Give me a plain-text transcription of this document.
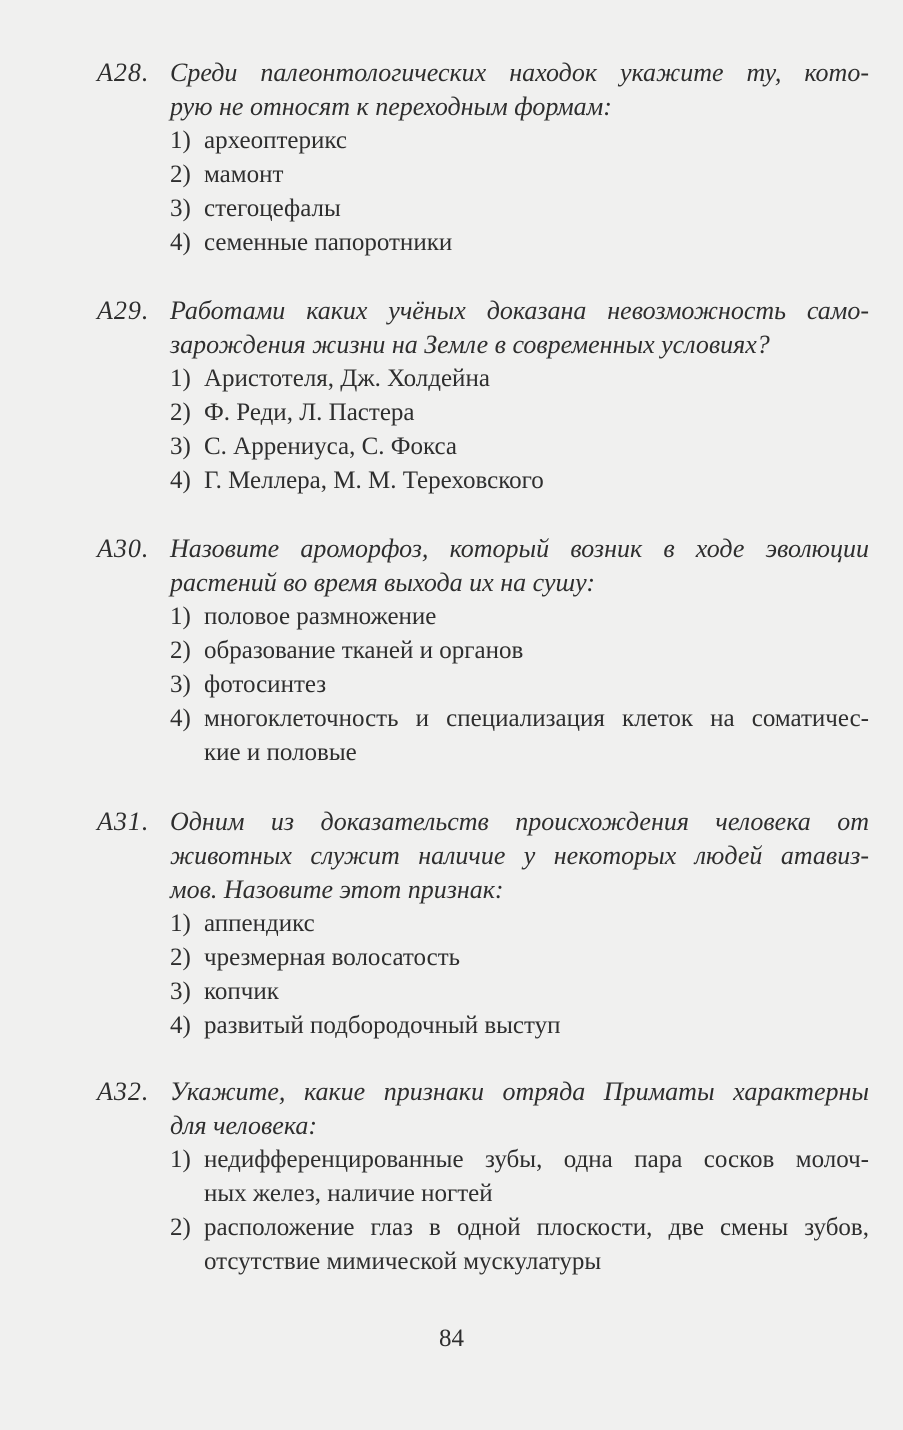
А28. Среди палеонтологических находок укажите ту, кото-
рую не относят к переходным формам:
1) археоптерикс
2) мамонт
3) стегоцефалы
4) семенные папоротники
А29. Работами каких учёных доказана невозможность само-
зарождения жизни на Земле в современных условиях?
1) Аристотеля, Дж. Холдейна
2) Ф. Реди, Л. Пастера
3) С. Аррениуса, С. Фокса
4) Г. Меллера, М. М. Тереховского
А30. Назовите ароморфоз, который возник в ходе эволюции
растений во время выхода их на сушу:
1) половое размножение
2) образование тканей и органов
3) фотосинтез
4) многоклеточность и специализация клеток на соматичес-
кие и половые
А31. Одним из доказательств происхождения человека от
животных служит наличие у некоторых людей атавиз-
мов. Назовите этот признак:
1) аппендикс
2) чрезмерная волосатость
3) копчик
4) развитый подбородочный выступ
А32. Укажите, какие признаки отряда Приматы характерны
для человека:
1) недифференцированные зубы, одна пара сосков молоч-
ных желез, наличие ногтей
2) расположение глаз в одной плоскости, две смены зубов,
отсутствие мимической мускулатуры
84
